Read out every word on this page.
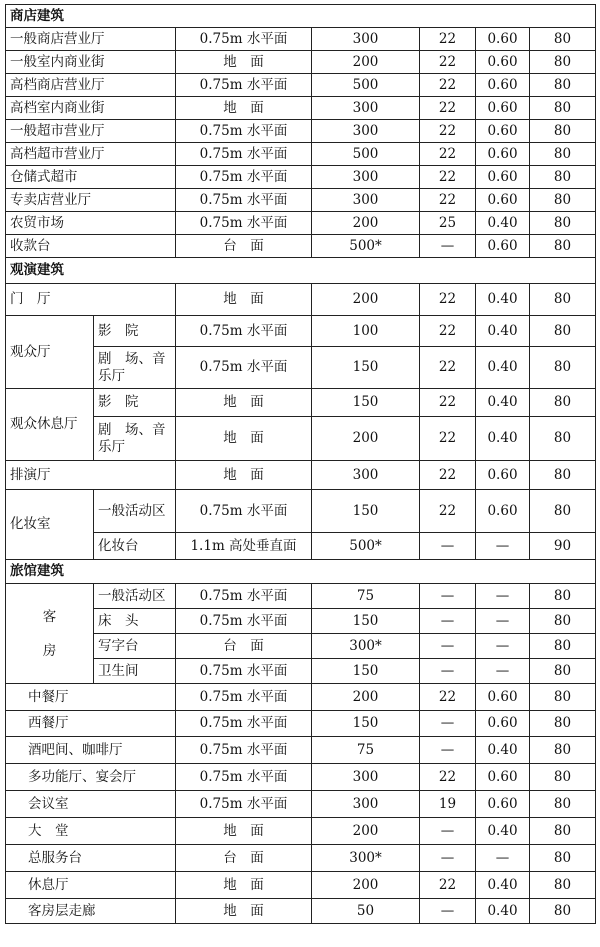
商店建筑						
一般商店营业厅		0.75m 水平面	300	22	0.60	80
一般室内商业街		地　面	200	22	0.60	80
高档商店营业厅		0.75m 水平面	500	22	0.60	80
高档室内商业街		地　面	300	22	0.60	80
一般超市营业厅		0.75m 水平面	300	22	0.60	80
高档超市营业厅		0.75m 水平面	500	22	0.60	80
仓储式超市		0.75m 水平面	300	22	0.60	80
专卖店营业厅		0.75m 水平面	300	22	0.60	80
农贸市场		0.75m 水平面	200	25	0.40	80
收款台		台　面	500*	—	0.60	80
观演建筑						
门　厅		地　面	200	22	0.40	80
观众厅	影　院	0.75m 水平面	100	22	0.40	80
	剧　场、音乐厅	0.75m 水平面	150	22	0.40	80
观众休息厅	影　院	地　面	150	22	0.40	80
	剧　场、音乐厅	地　面	200	22	0.40	80
排演厅		地　面	300	22	0.60	80
化妆室	一般活动区	0.75m 水平面	150	22	0.60	80
	化妆台	1.1m 高处垂直面	500*	—	—	90
旅馆建筑						
客房	一般活动区	0.75m 水平面	75	—	—	80
	床　头	0.75m 水平面	150	—	—	80
	写字台	台　面	300*	—	—	80
	卫生间	0.75m 水平面	150	—	—	80
中餐厅		0.75m 水平面	200	22	0.60	80
西餐厅		0.75m 水平面	150	—	0.60	80
酒吧间、咖啡厅		0.75m 水平面	75	—	0.40	80
多功能厅、宴会厅		0.75m 水平面	300	22	0.60	80
会议室		0.75m 水平面	300	19	0.60	80
大　堂		地　面	200	—	0.40	80
总服务台		台　面	300*	—	—	80
休息厅		地　面	200	22	0.40	80
客房层走廊		地　面	50	—	0.40	80
